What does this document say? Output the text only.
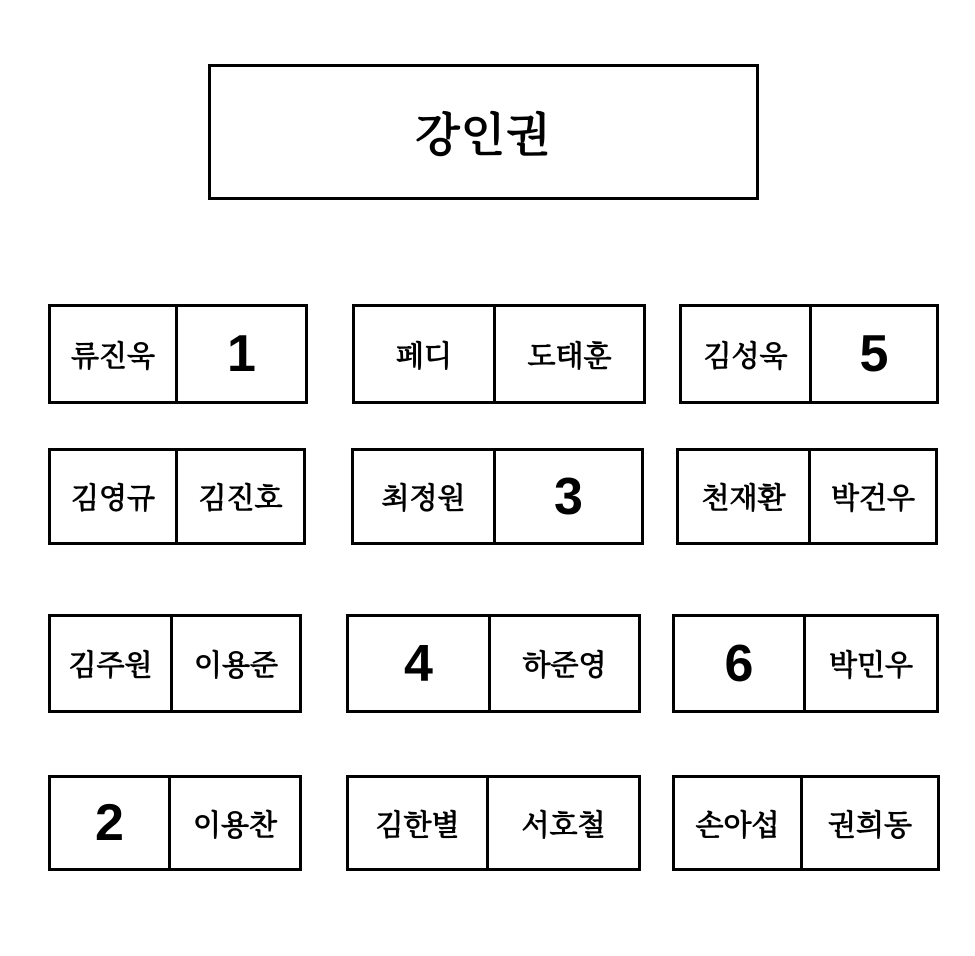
강인권
류진욱 1	페디	도태훈	김성욱 5
김영규 김진호	최정원 3	천재환 박건우
김주원 이용준 4	하준영 6	박민우
2 이용찬	김한별 서호철	손아섭 권희동
